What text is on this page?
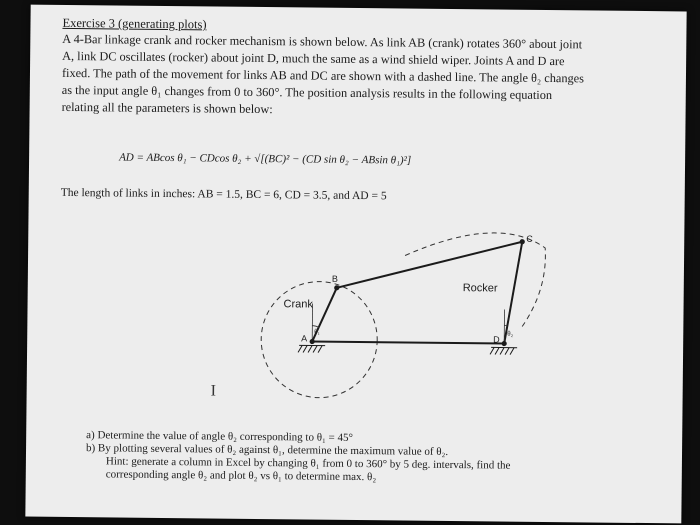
Exercise 3 (generating plots)
A 4-Bar linkage crank and rocker mechanism is shown below. As link AB (crank) rotates 360° about joint
A, link DC oscillates (rocker) about joint D, much the same as a wind shield wiper. Joints A and D are
fixed. The path of the movement for links AB and DC are shown with a dashed line. The angle θ₂ changes
as the input angle θ₁ changes from 0 to 360°. The position analysis results in the following equation
relating all the parameters is shown below:
AD = ABcos θ₁ − CDcos θ₂ + √[(BC)² − (CD sin θ₂ − ABsin θ₁)²]
The length of links in inches: AB = 1.5, BC = 6, CD = 3.5, and AD = 5
B
C
A	D
Crank
Rocker
θ₁	θ₂
I
a) Determine the value of angle θ₂ corresponding to θ₁ = 45°
b) By plotting several values of θ₂ against θ₁, determine the maximum value of θ₂.
Hint: generate a column in Excel by changing θ₁ from 0 to 360° by 5 deg. intervals, find the
corresponding angle θ₂ and plot θ₂ vs θ₁ to determine max. θ₂
